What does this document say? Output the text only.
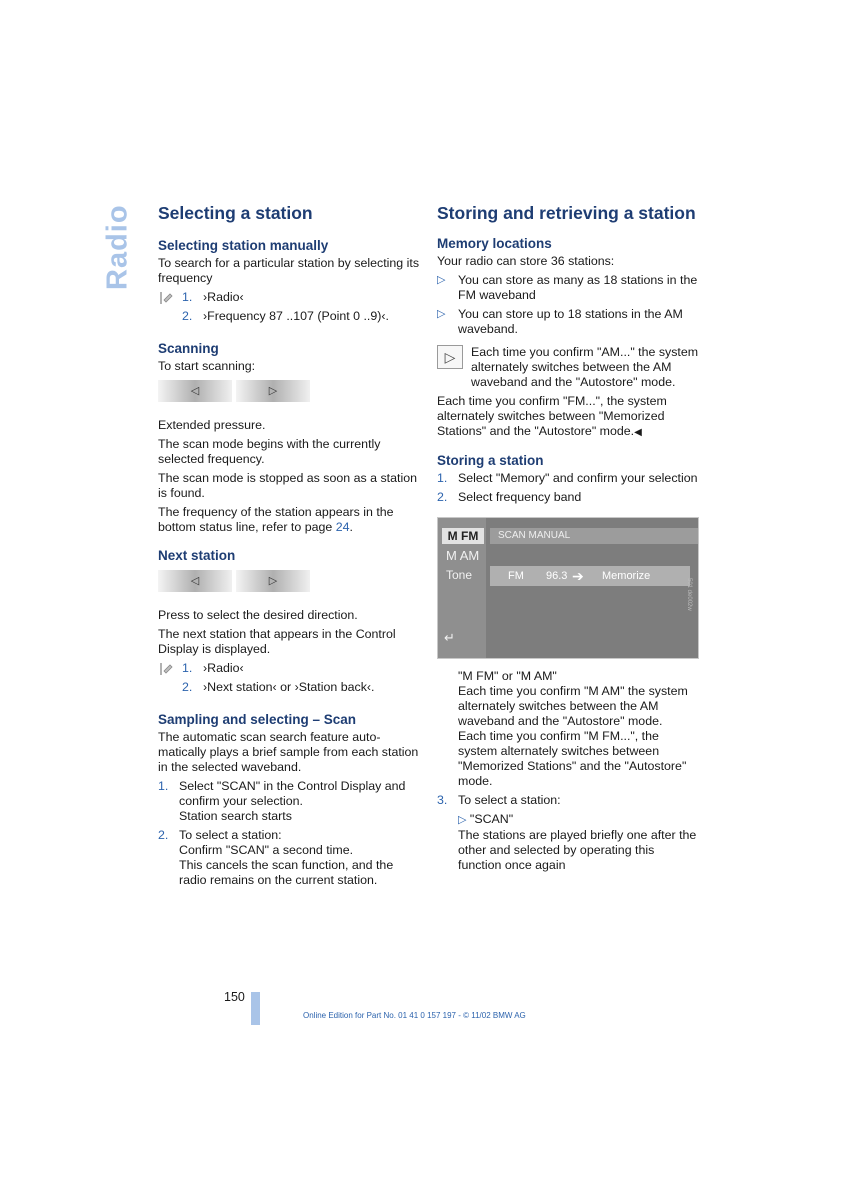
Radio Selecting a station
Selecting station manually

To search for a particular station by selecting its frequency

1. ›Radio‹
2. ›Frequency 87 ..107 (Point 0 ..9)‹.
Scanning

To start scanning:

◁	▷

Extended pressure.

The scan mode begins with the currently selected frequency.

The scan mode is stopped as soon as a station is found.

The frequency of the station appears in the bottom status line, refer to page 24.

Next station
◁	▷

Press to select the desired direction.

The next station that appears in the Control Display is displayed.

1. ›Radio‹
2. ›Next station‹ or ›Station back‹.
Sampling and selecting – Scan

The automatic scan search feature auto-matically plays a brief sample from each station in the selected waveband.

1. Select "SCAN" in the Control Display and confirm your selection.
Station search starts
2. To select a station:
Confirm "SCAN" a second time.
This cancels the scan function, and the radio remains on the current station.
Storing and retrieving a station
Memory locations

Your radio can store 36 stations:

▷	You can store as many as 18 stations in the FM waveband
▷	You can store up to 18 stations in the AM waveband.
▷	Each time you confirm "AM..." the system alternately switches between the AM waveband and the "Autostore" mode.

Each time you confirm "FM...", the system alternately switches between "Memorized Stations" and the "Autostore" mode.◀

Storing a station
1. Select "Memory" and confirm your selection
2. Select frequency band
M FM
M AM
Tone
↵
SCAN MANUAL
FM 96.3 ➔ Memorize
501 de002w

"M FM" or "M AM"

Each time you confirm "M AM" the system alternately switches between the AM waveband and the "Autostore" mode.

Each time you confirm "M FM...", the system alternately switches between "Memorized Stations" and the "Autostore" mode.

3. To select a station:
▷ "SCAN"
The stations are played briefly one after the other and selected by operating this function once again
150
Online Edition for Part No. 01 41 0 157 197 - © 11/02 BMW AG
